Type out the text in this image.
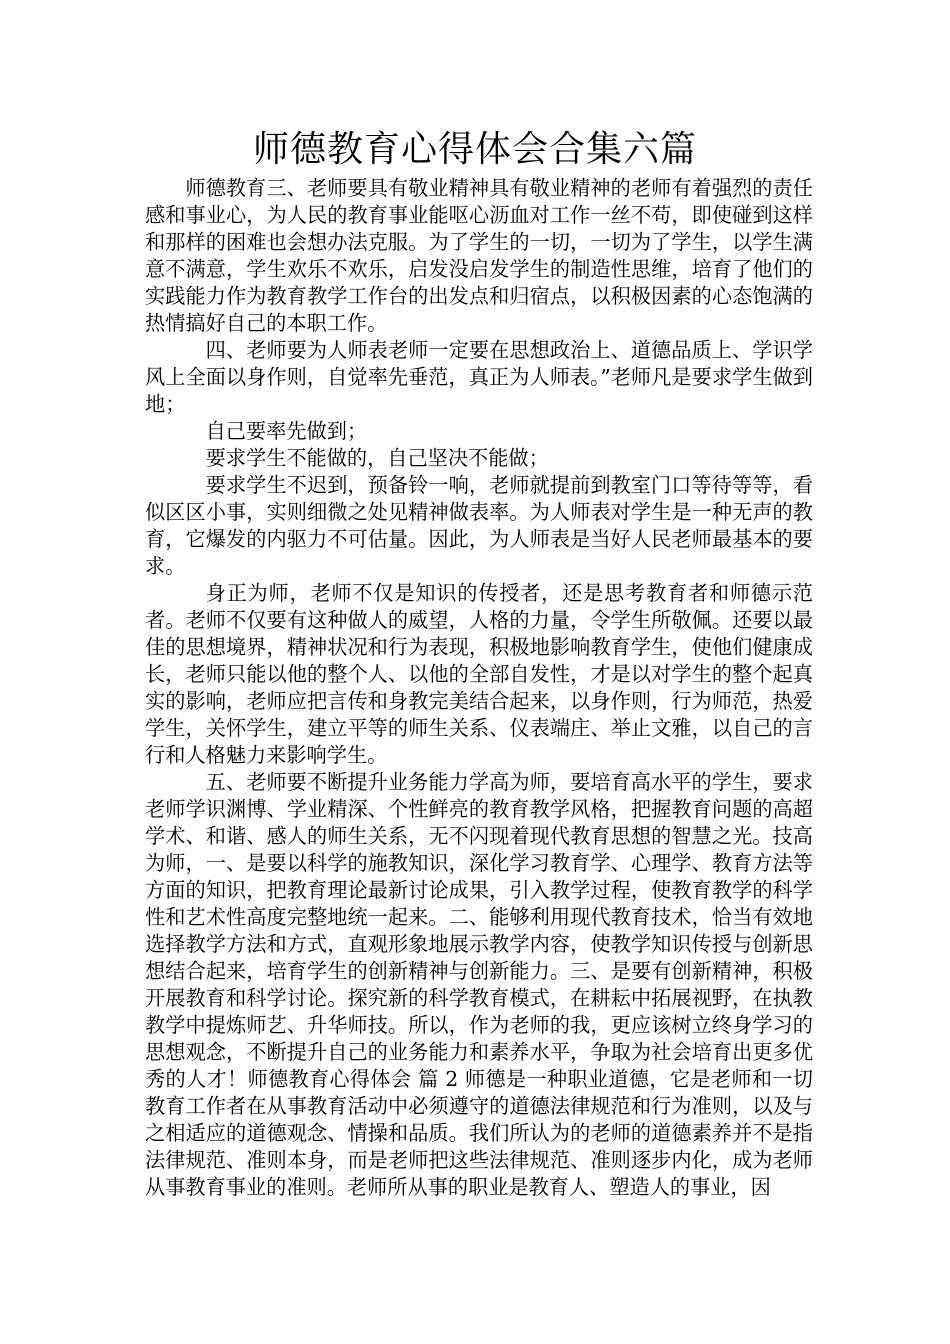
师德教育心得体会合集六篇

师德教育三、老师要具有敬业精神具有敬业精神的老师有着强烈的责任感和事业心，为人民的教育事业能呕心沥血对工作一丝不苟，即使碰到这样和那样的困难也会想办法克服。为了学生的一切，一切为了学生，以学生满意不满意，学生欢乐不欢乐，启发没启发学生的制造性思维，培育了他们的实践能力作为教育教学工作台的出发点和归宿点，以积极因素的心态饱满的热情搞好自己的本职工作。

四、老师要为人师表老师一定要在思想政治上、道德品质上、学识学风上全面以身作则，自觉率先垂范，真正为人师表。”老师凡是要求学生做到地；

自己要率先做到；

要求学生不能做的，自己坚决不能做；

要求学生不迟到，预备铃一响，老师就提前到教室门口等待等等，看似区区小事，实则细微之处见精神做表率。为人师表对学生是一种无声的教育，它爆发的内驱力不可估量。因此，为人师表是当好人民老师最基本的要求。

身正为师，老师不仅是知识的传授者，还是思考教育者和师德示范者。老师不仅要有这种做人的威望，人格的力量，令学生所敬佩。还要以最佳的思想境界，精神状况和行为表现，积极地影响教育学生，使他们健康成长，老师只能以他的整个人、以他的全部自发性，才是以对学生的整个起真实的影响，老师应把言传和身教完美结合起来，以身作则，行为师范，热爱学生，关怀学生，建立平等的师生关系、仪表端庄、举止文雅，以自己的言行和人格魅力来影响学生。

五、老师要不断提升业务能力学高为师，要培育高水平的学生，要求老师学识渊博、学业精深、个性鲜亮的教育教学风格，把握教育问题的高超学术、和谐、感人的师生关系，无不闪现着现代教育思想的智慧之光。技高为师，一、是要以科学的施教知识，深化学习教育学、心理学、教育方法等方面的知识，把教育理论最新讨论成果，引入教学过程，使教育教学的科学性和艺术性高度完整地统一起来。二、能够利用现代教育技术，恰当有效地选择教学方法和方式，直观形象地展示教学内容，使教学知识传授与创新思想结合起来，培育学生的创新精神与创新能力。三、是要有创新精神，积极开展教育和科学讨论。探究新的科学教育模式，在耕耘中拓展视野，在执教教学中提炼师艺、升华师技。所以，作为老师的我，更应该树立终身学习的思想观念，不断提升自己的业务能力和素养水平，争取为社会培育出更多优秀的人才！师德教育心得体会 篇 2 师德是一种职业道德，它是老师和一切教育工作者在从事教育活动中必须遵守的道德法律规范和行为准则，以及与之相适应的道德观念、情操和品质。我们所认为的老师的道德素养并不是指法律规范、准则本身，而是老师把这些法律规范、准则逐步内化，成为老师从事教育事业的准则。老师所从事的职业是教育人、塑造人的事业，因
